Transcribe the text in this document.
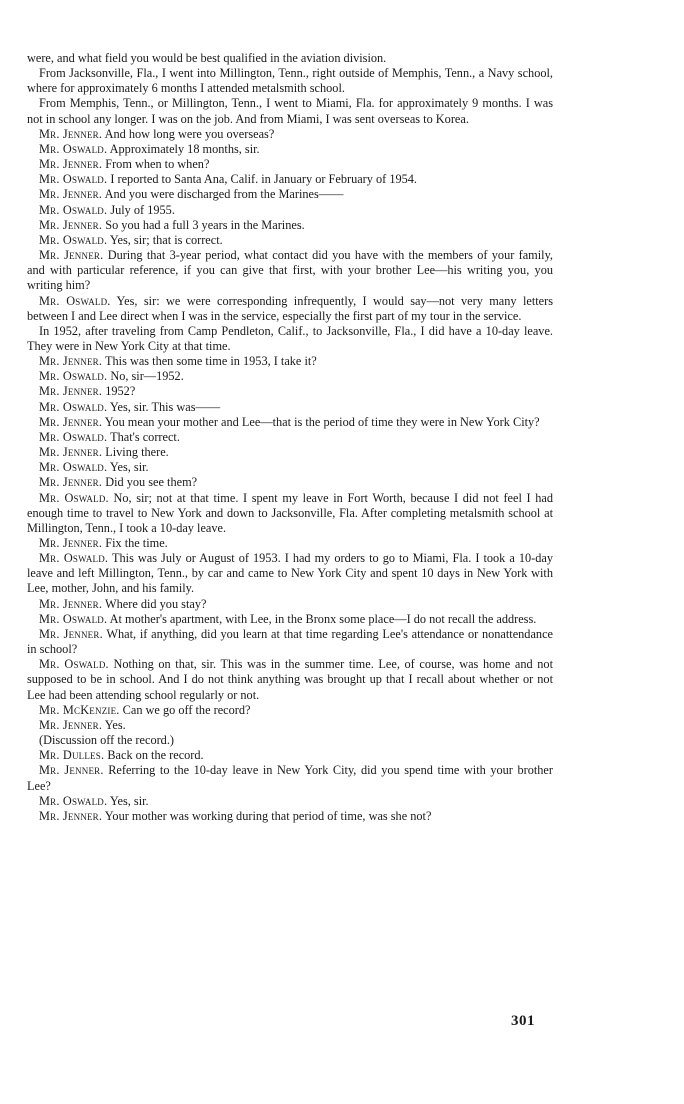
were, and what field you would be best qualified in the aviation division.

From Jacksonville, Fla., I went into Millington, Tenn., right outside of Memphis, Tenn., a Navy school, where for approximately 6 months I attended metalsmith school.

From Memphis, Tenn., or Millington, Tenn., I went to Miami, Fla. for approximately 9 months. I was not in school any longer. I was on the job. And from Miami, I was sent overseas to Korea.

Mr. Jenner. And how long were you overseas?

Mr. Oswald. Approximately 18 months, sir.

Mr. Jenner. From when to when?

Mr. Oswald. I reported to Santa Ana, Calif. in January or February of 1954.

Mr. Jenner. And you were discharged from the Marines——

Mr. Oswald. July of 1955.

Mr. Jenner. So you had a full 3 years in the Marines.

Mr. Oswald. Yes, sir; that is correct.

Mr. Jenner. During that 3-year period, what contact did you have with the members of your family, and with particular reference, if you can give that first, with your brother Lee—his writing you, you writing him?

Mr. Oswald. Yes, sir: we were corresponding infrequently, I would say—not very many letters between I and Lee direct when I was in the service, especially the first part of my tour in the service.

In 1952, after traveling from Camp Pendleton, Calif., to Jacksonville, Fla., I did have a 10-day leave. They were in New York City at that time.

Mr. Jenner. This was then some time in 1953, I take it?

Mr. Oswald. No, sir—1952.

Mr. Jenner. 1952?

Mr. Oswald. Yes, sir. This was——

Mr. Jenner. You mean your mother and Lee—that is the period of time they were in New York City?

Mr. Oswald. That's correct.

Mr. Jenner. Living there.

Mr. Oswald. Yes, sir.

Mr. Jenner. Did you see them?

Mr. Oswald. No, sir; not at that time. I spent my leave in Fort Worth, because I did not feel I had enough time to travel to New York and down to Jacksonville, Fla. After completing metalsmith school at Millington, Tenn., I took a 10-day leave.

Mr. Jenner. Fix the time.

Mr. Oswald. This was July or August of 1953. I had my orders to go to Miami, Fla. I took a 10-day leave and left Millington, Tenn., by car and came to New York City and spent 10 days in New York with Lee, mother, John, and his family.

Mr. Jenner. Where did you stay?

Mr. Oswald. At mother's apartment, with Lee, in the Bronx some place—I do not recall the address.

Mr. Jenner. What, if anything, did you learn at that time regarding Lee's attendance or nonattendance in school?

Mr. Oswald. Nothing on that, sir. This was in the summer time. Lee, of course, was home and not supposed to be in school. And I do not think anything was brought up that I recall about whether or not Lee had been attending school regularly or not.

Mr. McKenzie. Can we go off the record?

Mr. Jenner. Yes.

(Discussion off the record.)

Mr. Dulles. Back on the record.

Mr. Jenner. Referring to the 10-day leave in New York City, did you spend time with your brother Lee?

Mr. Oswald. Yes, sir.

Mr. Jenner. Your mother was working during that period of time, was she not?

301
